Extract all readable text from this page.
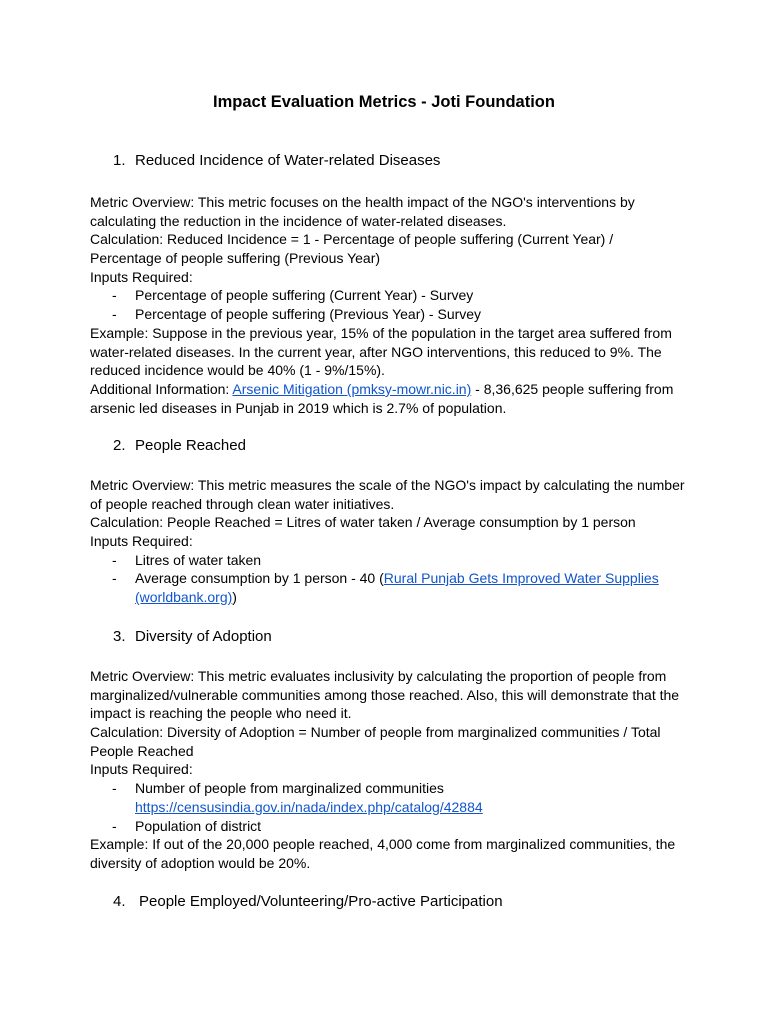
Impact Evaluation Metrics - Joti Foundation
1. Reduced Incidence of Water-related Diseases
Metric Overview: This metric focuses on the health impact of the NGO's interventions by
calculating the reduction in the incidence of water-related diseases.
Calculation: Reduced Incidence = 1 - Percentage of people suffering (Current Year) /
Percentage of people suffering (Previous Year)
Inputs Required:
- Percentage of people suffering (Current Year) - Survey
- Percentage of people suffering (Previous Year) - Survey
Example: Suppose in the previous year, 15% of the population in the target area suffered from
water-related diseases. In the current year, after NGO interventions, this reduced to 9%. The
reduced incidence would be 40% (1 - 9%/15%).
Additional Information: Arsenic Mitigation (pmksy-mowr.nic.in) - 8,36,625 people suffering from
arsenic led diseases in Punjab in 2019 which is 2.7% of population.
2. People Reached
Metric Overview: This metric measures the scale of the NGO's impact by calculating the number
of people reached through clean water initiatives.
Calculation: People Reached = Litres of water taken / Average consumption by 1 person
Inputs Required:
- Litres of water taken
- Average consumption by 1 person - 40 (Rural Punjab Gets Improved Water Supplies
(worldbank.org))
3. Diversity of Adoption
Metric Overview: This metric evaluates inclusivity by calculating the proportion of people from
marginalized/vulnerable communities among those reached. Also, this will demonstrate that the
impact is reaching the people who need it.
Calculation: Diversity of Adoption = Number of people from marginalized communities / Total
People Reached
Inputs Required:
- Number of people from marginalized communities
https://censusindia.gov.in/nada/index.php/catalog/42884
- Population of district
Example: If out of the 20,000 people reached, 4,000 come from marginalized communities, the
diversity of adoption would be 20%.
4. People Employed/Volunteering/Pro-active Participation
